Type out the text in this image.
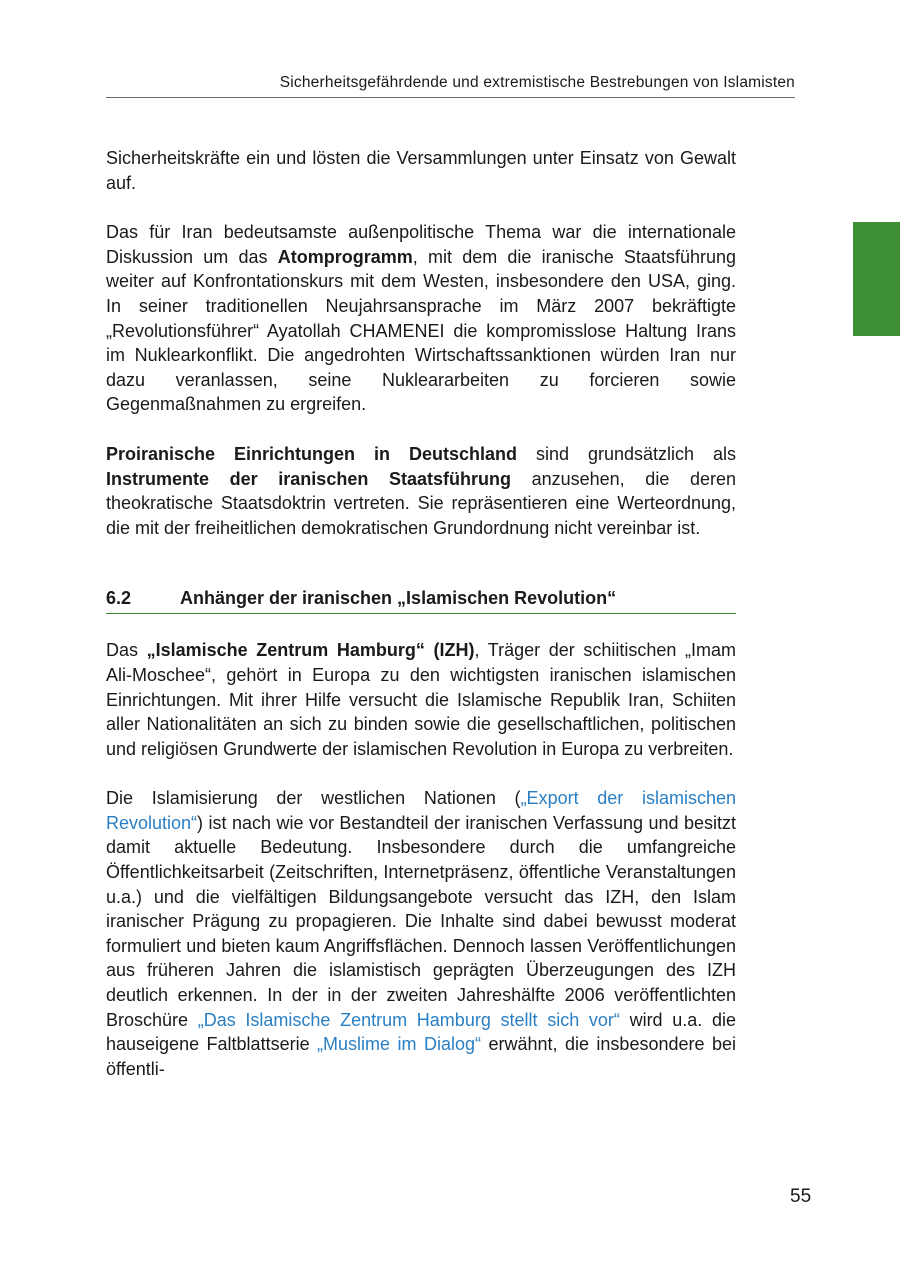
Sicherheitsgefährdende und extremistische Bestrebungen von Islamisten

Sicherheitskräfte ein und lösten die Versammlungen unter Einsatz von Gewalt auf.

Das für Iran bedeutsamste außenpolitische Thema war die internationale Diskussion um das Atomprogramm, mit dem die iranische Staatsführung weiter auf Konfrontationskurs mit dem Westen, insbesondere den USA, ging. In seiner traditionellen Neujahrsansprache im März 2007 bekräftigte „Revolutionsführer“ Ayatollah CHAMENEI die kompromisslose Haltung Irans im Nuklearkonflikt. Die angedrohten Wirtschaftssanktionen würden Iran nur dazu veranlassen, seine Nukleararbeiten zu forcieren sowie Gegenmaßnahmen zu ergreifen.

Proiranische Einrichtungen in Deutschland sind grundsätzlich als Instrumente der iranischen Staatsführung anzusehen, die deren theokratische Staatsdoktrin vertreten. Sie repräsentieren eine Werteordnung, die mit der freiheitlichen demokratischen Grundordnung nicht vereinbar ist.

6.2	Anhänger der iranischen „Islamischen Revolution“

Das „Islamische Zentrum Hamburg“ (IZH), Träger der schiitischen „Imam Ali-Moschee“, gehört in Europa zu den wichtigsten iranischen islamischen Einrichtungen. Mit ihrer Hilfe versucht die Islamische Republik Iran, Schiiten aller Nationalitäten an sich zu binden sowie die gesellschaftlichen, politischen und religiösen Grundwerte der islamischen Revolution in Europa zu verbreiten.

Die Islamisierung der westlichen Nationen („Export der islamischen Revolution“) ist nach wie vor Bestandteil der iranischen Verfassung und besitzt damit aktuelle Bedeutung. Insbesondere durch die umfangreiche Öffentlichkeitsarbeit (Zeitschriften, Internetpräsenz, öffentliche Veranstaltungen u.a.) und die vielfältigen Bildungsangebote versucht das IZH, den Islam iranischer Prägung zu propagieren. Die Inhalte sind dabei bewusst moderat formuliert und bieten kaum Angriffsflächen. Dennoch lassen Veröffentlichungen aus früheren Jahren die islamistisch geprägten Überzeugungen des IZH deutlich erkennen. In der in der zweiten Jahreshälfte 2006 veröffentlichten Broschüre „Das Islamische Zentrum Hamburg stellt sich vor“ wird u.a. die hauseigene Faltblattserie „Muslime im Dialog“ erwähnt, die insbesondere bei öffentli-

55
